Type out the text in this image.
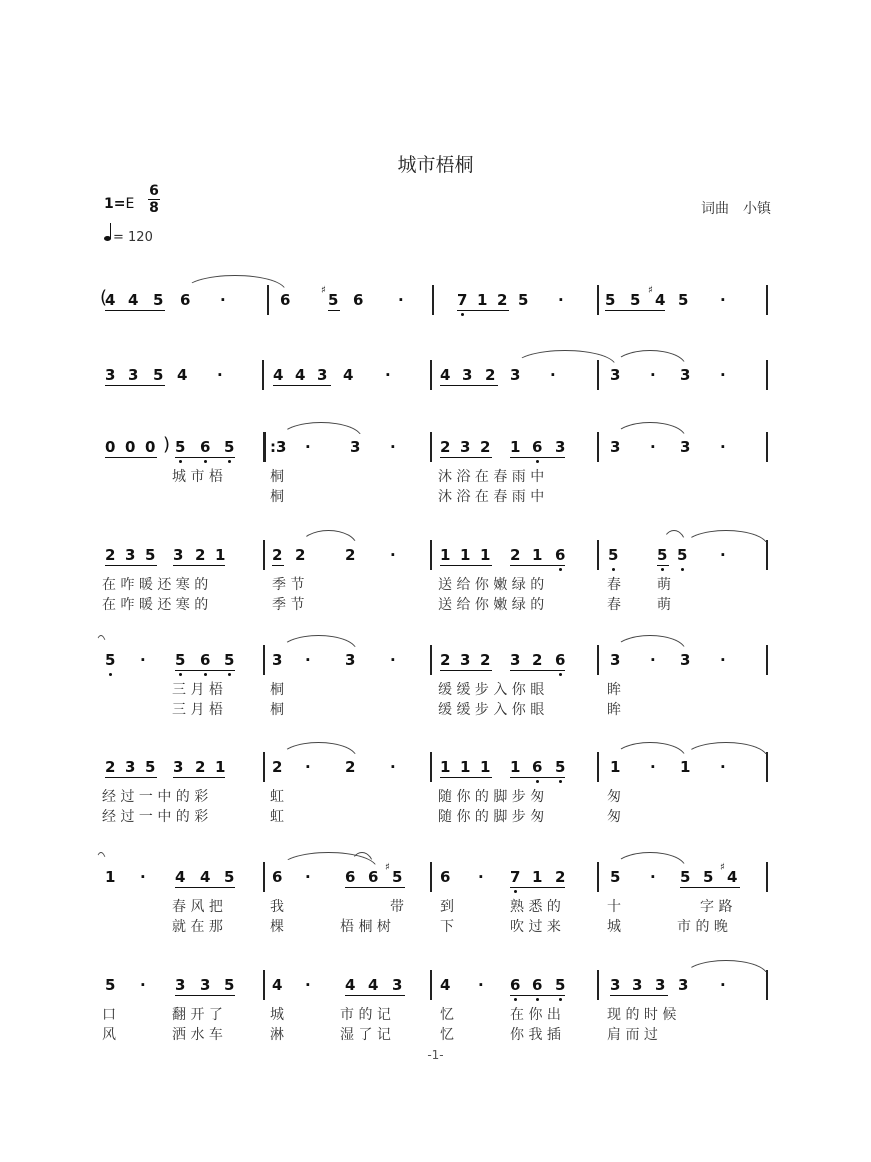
城市梧桐
1=E
6
8
= 120
词曲　小镇
(
4 4 5 6 ·	6
♯
5 6 ·	7 1 2 5 ·	5 5
♯
4 5 ·
3 3 5 4 ·	4 4 3 4 ·	4 3 2 3 ·	3 · 3 ·
0 0 0 ) 5 6 5 :3 ·	3 ·	2 3 2 1 6 3	3 · 3 ·
城 市 梧	桐	沐 浴 在 春 雨 中
桐	沐 浴 在 春 雨 中
2 3 5 3 2 1	2 2	2 ·	1 1 1 2 1 6	5	5 5 ·
在 咋 暖 还 寒 的	季 节	送 给 你 嫩 绿 的	春	萌
在 咋 暖 还 寒 的	季 节	送 给 你 嫩 绿 的	春	萌
5 · 5 6 5	3 · 3 ·	2 3 2 3 2 6	3 · 3 ·
三 月 梧	桐	缓 缓 步 入 你 眼	眸
三 月 梧	桐	缓 缓 步 入 你 眼	眸
2 3 5 3 2 1	2 · 2 ·	1 1 1 1 6 5	1 · 1 ·
经 过 一 中 的 彩	虹	随 你 的 脚 步 匆	匆
经 过 一 中 的 彩	虹	随 你 的 脚 步 匆	匆
1 · 4 4 5	6 · 6 6
♯
5	6 · 7 1 2	5 · 5 5
♯
4
春 风 把	我	带	到	熟 悉 的	十	字 路
就 在 那	棵	梧 桐 树	下	吹 过 来	城	市 的 晚
5 · 3 3 5	4 · 4 4 3	4 · 6 6 5	3 3 3 3 ·
口	翻 开 了	城	市 的 记	忆	在 你 出	现 的 时 候
风	洒 水 车	淋	湿 了 记	忆	你 我 插	肩 而 过
-1-
